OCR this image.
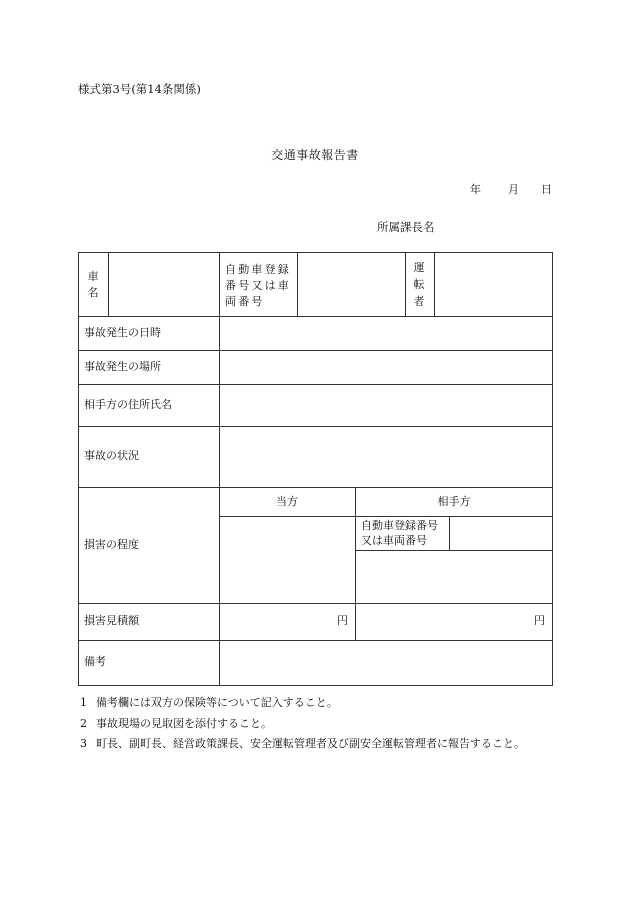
様式第3号(第14条関係)
交通事故報告書
年 月 日
所属課長名
車
名
自動車登録
番号又は車
両番号
運
転
者
事故発生の日時
事故発生の場所
相手方の住所氏名
事故の状況
損害の程度
損害見積額
備考
当方	相手方
自動車登録番号
又は車両番号
円	円
1 備考欄には双方の保険等について記入すること。
2 事故現場の見取図を添付すること。
3 町長、副町長、経営政策課長、安全運転管理者及び副安全運転管理者に報告すること。
